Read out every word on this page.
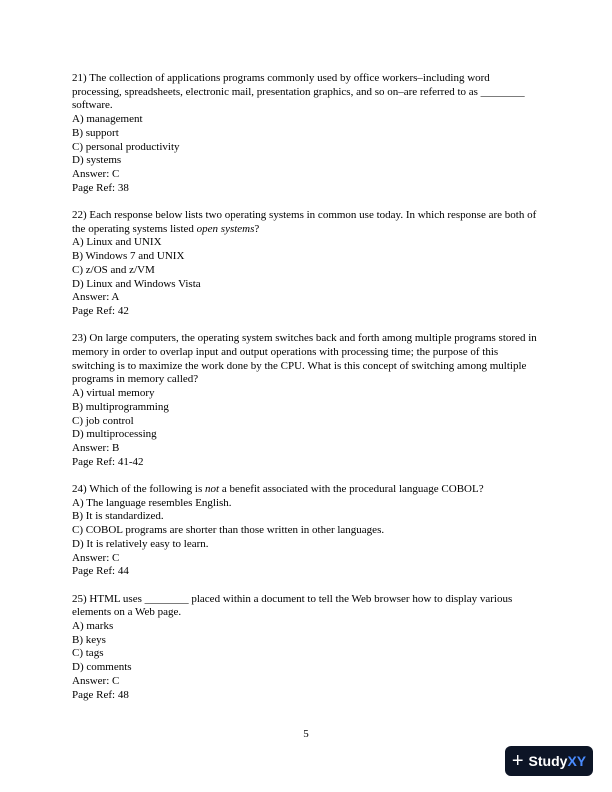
21) The collection of applications programs commonly used by office workers–including word processing, spreadsheets, electronic mail, presentation graphics, and so on–are referred to as ________ software.
A) management
B) support
C) personal productivity
D) systems
Answer: C
Page Ref: 38
22) Each response below lists two operating systems in common use today. In which response are both of the operating systems listed open systems?
A) Linux and UNIX
B) Windows 7 and UNIX
C) z/OS and z/VM
D) Linux and Windows Vista
Answer: A
Page Ref: 42
23) On large computers, the operating system switches back and forth among multiple programs stored in memory in order to overlap input and output operations with processing time; the purpose of this switching is to maximize the work done by the CPU. What is this concept of switching among multiple programs in memory called?
A) virtual memory
B) multiprogramming
C) job control
D) multiprocessing
Answer: B
Page Ref: 41-42
24) Which of the following is not a benefit associated with the procedural language COBOL?
A) The language resembles English.
B) It is standardized.
C) COBOL programs are shorter than those written in other languages.
D) It is relatively easy to learn.
Answer: C
Page Ref: 44
25) HTML uses ________ placed within a document to tell the Web browser how to display various elements on a Web page.
A) marks
B) keys
C) tags
D) comments
Answer: C
Page Ref: 48
5
+ Study XY
